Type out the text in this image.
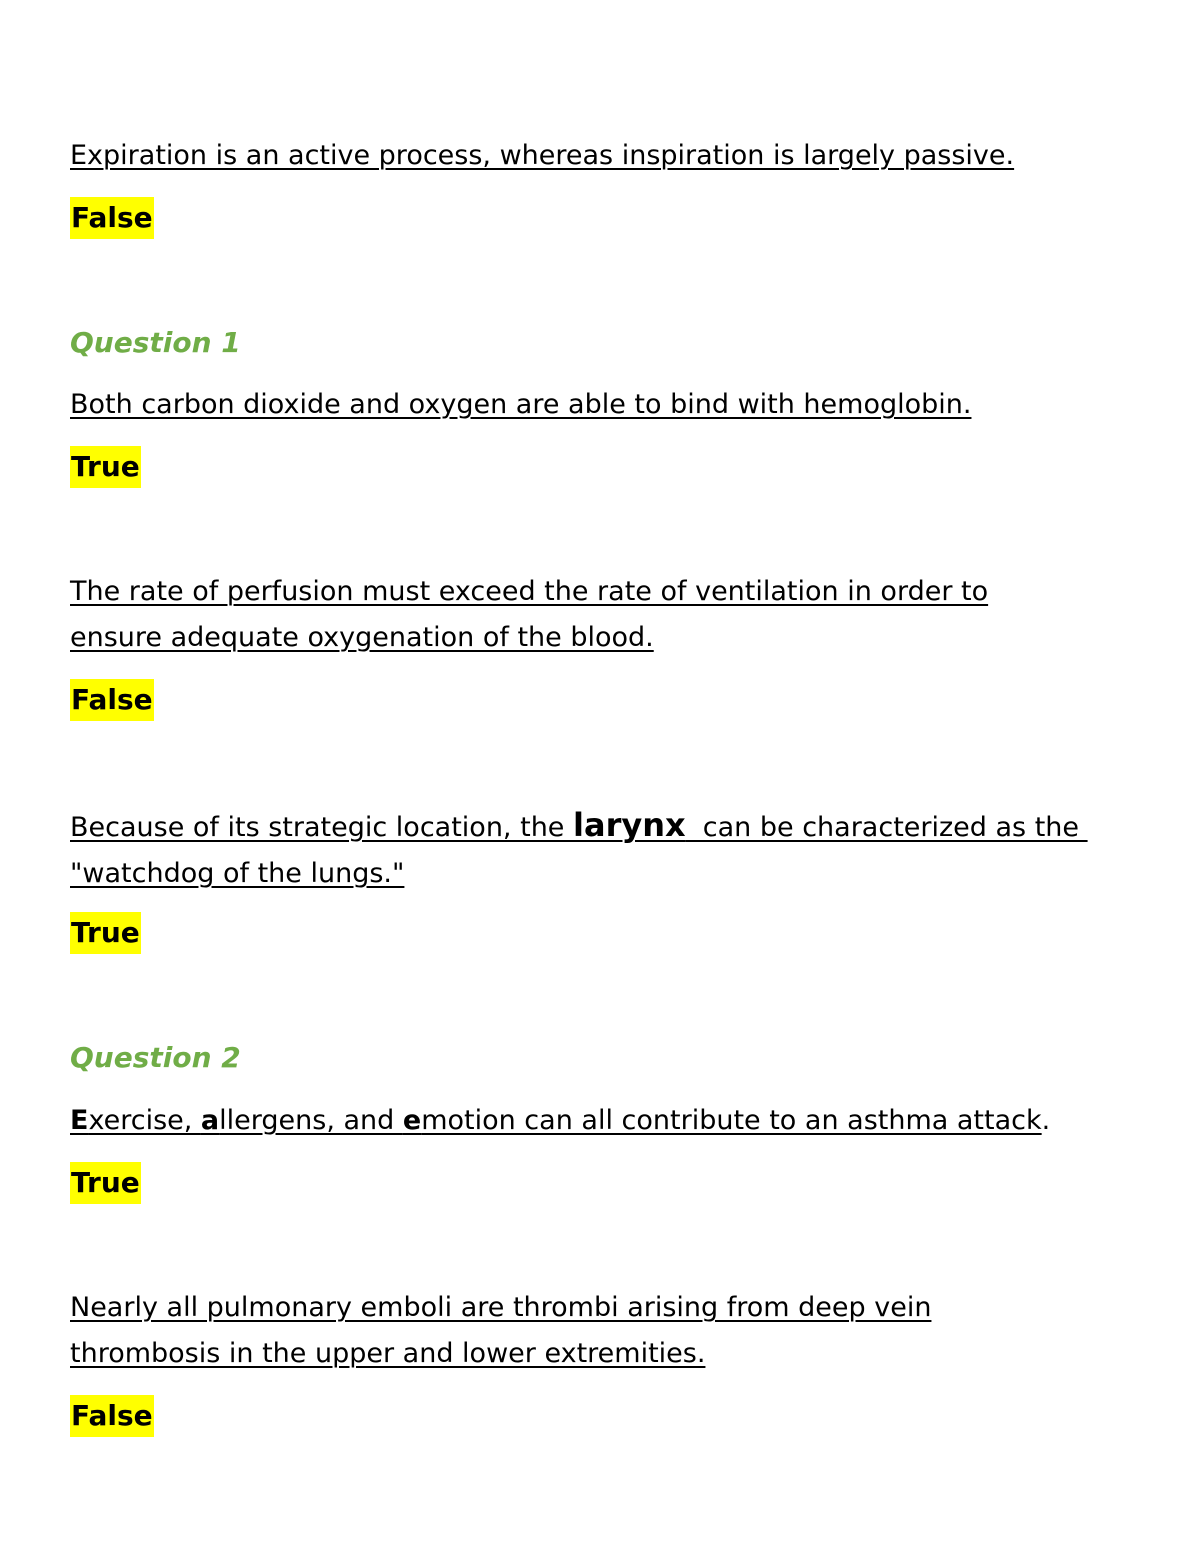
Expiration is an active process, whereas inspiration is largely passive.
False
Question 1
Both carbon dioxide and oxygen are able to bind with hemoglobin.
True
The rate of perfusion must exceed the rate of ventilation in order to
ensure adequate oxygenation of the blood.
False
Because of its strategic location, the larynx  can be characterized as the
"watchdog of the lungs."
True
Question 2
Exercise, allergens, and emotion can all contribute to an asthma attack.
True
Nearly all pulmonary emboli are thrombi arising from deep vein
thrombosis in the upper and lower extremities.
False
